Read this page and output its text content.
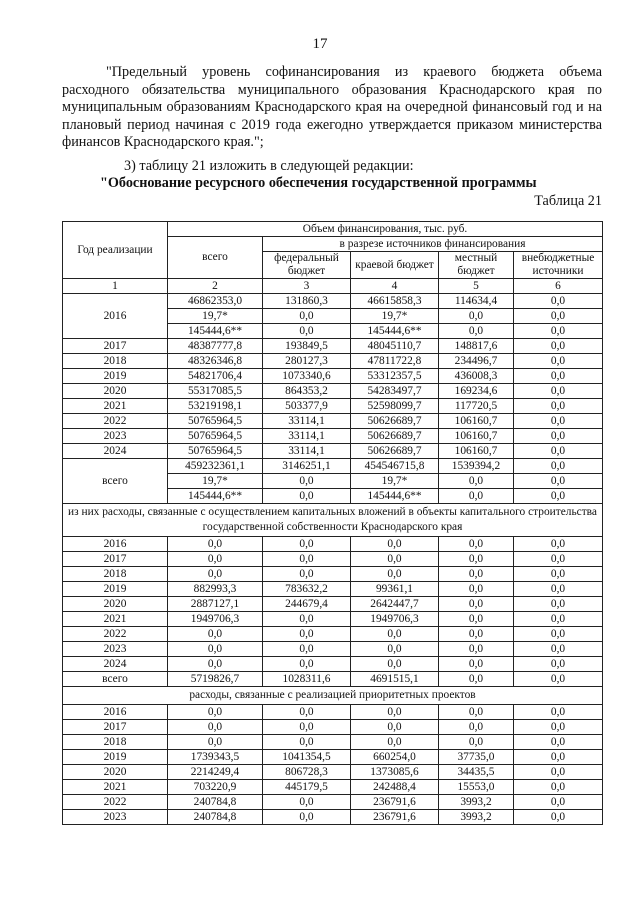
17
"Предельный уровень софинансирования из краевого бюджета объема расходного обязательства муниципального образования Краснодарского края по муниципальным образованиям Краснодарского края на очередной финансовый год и на плановый период начиная с 2019 года ежегодно утверждается приказом министерства финансов Краснодарского края.";
3) таблицу 21 изложить в следующей редакции:
"Обоснование ресурсного обеспечения государственной программы
Таблица 21
Год реализации	Объем финансирования, тыс. руб.				
	всего	в разрезе источников финансирования			
		федеральный бюджет	краевой бюджет	местный бюджет	внебюджетные источники
1	2	3	4	5	6
2016	46862353,0	131860,3	46615858,3	114634,4	0,0
	19,7*	0,0	19,7*	0,0	0,0
	145444,6**	0,0	145444,6**	0,0	0,0
2017	48387777,8	193849,5	48045110,7	148817,6	0,0
2018	48326346,8	280127,3	47811722,8	234496,7	0,0
2019	54821706,4	1073340,6	53312357,5	436008,3	0,0
2020	55317085,5	864353,2	54283497,7	169234,6	0,0
2021	53219198,1	503377,9	52598099,7	117720,5	0,0
2022	50765964,5	33114,1	50626689,7	106160,7	0,0
2023	50765964,5	33114,1	50626689,7	106160,7	0,0
2024	50765964,5	33114,1	50626689,7	106160,7	0,0
всего	459232361,1	3146251,1	454546715,8	1539394,2	0,0
	19,7*	0,0	19,7*	0,0	0,0
	145444,6**	0,0	145444,6**	0,0	0,0
из них расходы, связанные с осуществлением капитальных вложений в объекты капитального строительства государственной собственности Краснодарского края					
2016	0,0	0,0	0,0	0,0	0,0
2017	0,0	0,0	0,0	0,0	0,0
2018	0,0	0,0	0,0	0,0	0,0
2019	882993,3	783632,2	99361,1	0,0	0,0
2020	2887127,1	244679,4	2642447,7	0,0	0,0
2021	1949706,3	0,0	1949706,3	0,0	0,0
2022	0,0	0,0	0,0	0,0	0,0
2023	0,0	0,0	0,0	0,0	0,0
2024	0,0	0,0	0,0	0,0	0,0
всего	5719826,7	1028311,6	4691515,1	0,0	0,0
расходы, связанные с реализацией приоритетных проектов					
2016	0,0	0,0	0,0	0,0	0,0
2017	0,0	0,0	0,0	0,0	0,0
2018	0,0	0,0	0,0	0,0	0,0
2019	1739343,5	1041354,5	660254,0	37735,0	0,0
2020	2214249,4	806728,3	1373085,6	34435,5	0,0
2021	703220,9	445179,5	242488,4	15553,0	0,0
2022	240784,8	0,0	236791,6	3993,2	0,0
2023	240784,8	0,0	236791,6	3993,2	0,0
